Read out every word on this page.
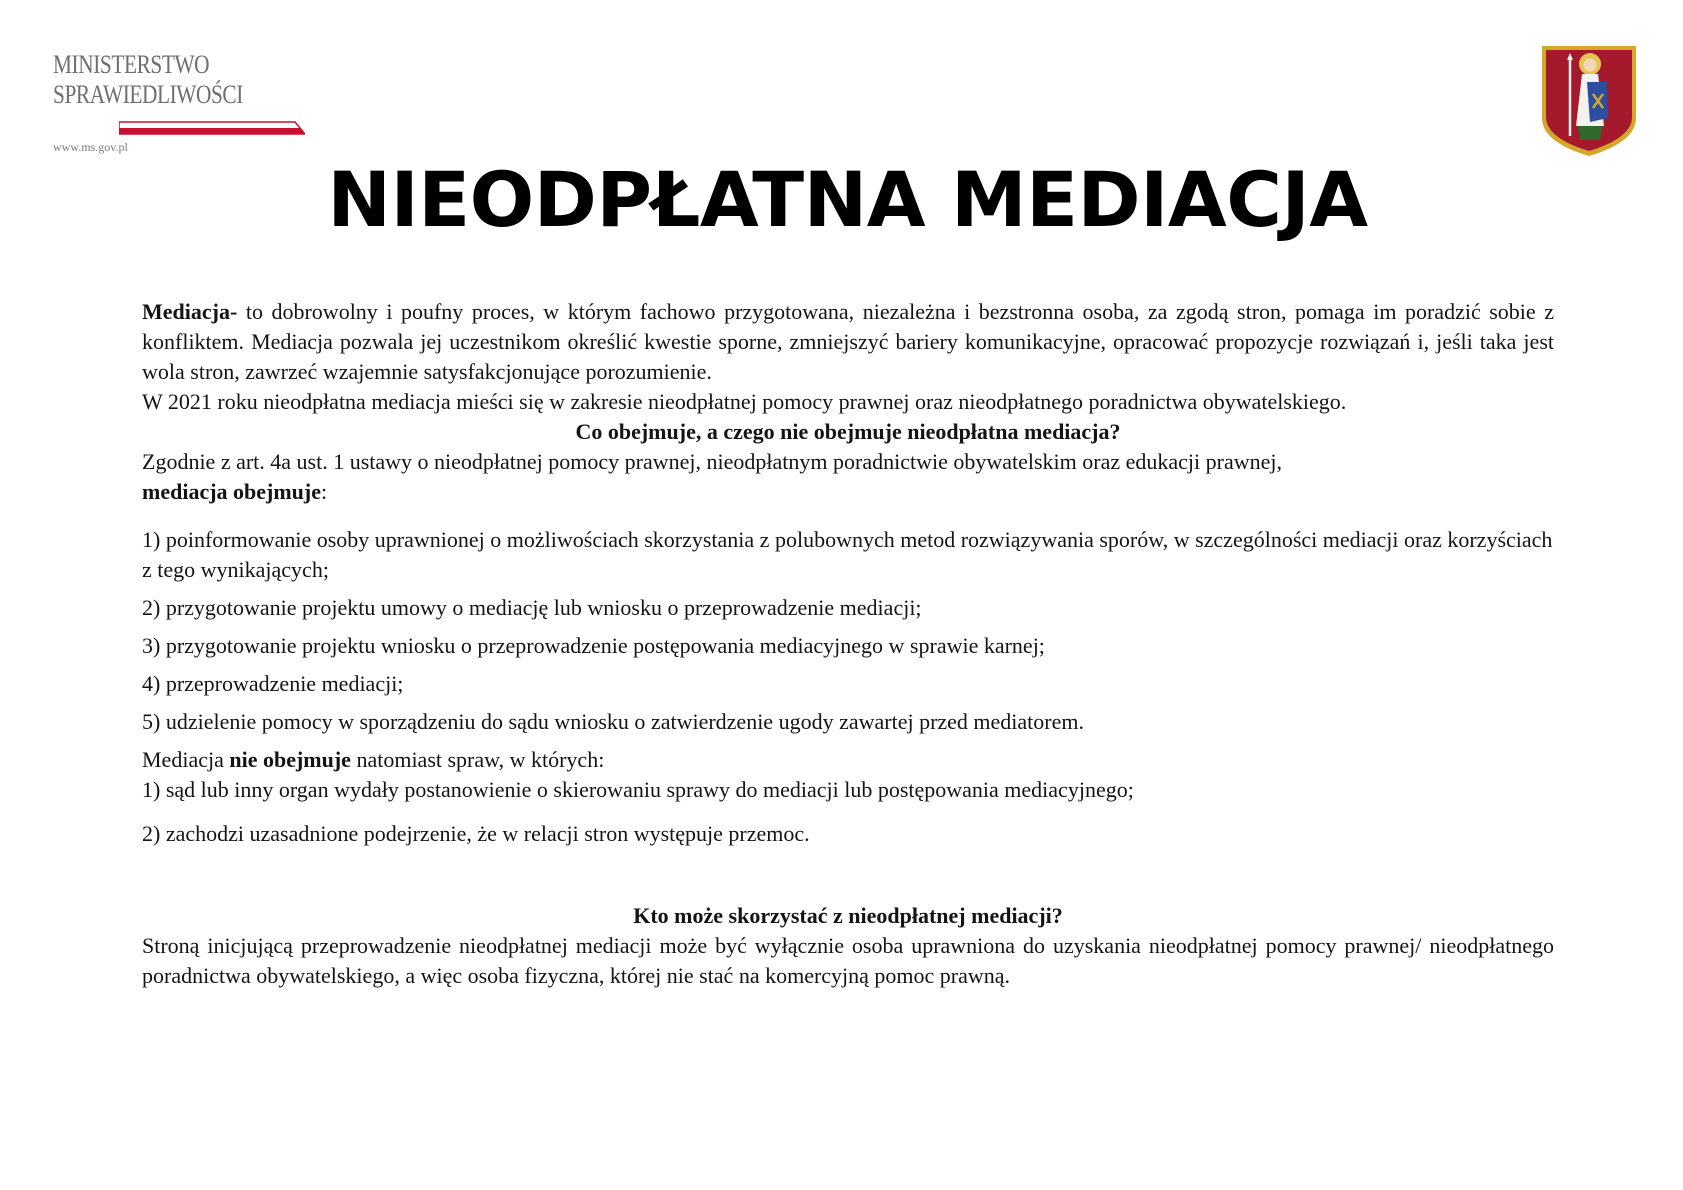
MINISTERSTWO
SPRAWIEDLIWOŚCI
www.ms.gov.pl
NIEODPŁATNA MEDIACJA

Mediacja- to dobrowolny i poufny proces, w którym fachowo przygotowana, niezależna i bezstronna osoba, za zgodą stron, pomaga im poradzić sobie z konfliktem. Mediacja pozwala jej uczestnikom określić kwestie sporne, zmniejszyć bariery komunikacyjne, opracować propozycje rozwiązań i, jeśli taka jest wola stron, zawrzeć wzajemnie satysfakcjonujące porozumienie.

W 2021 roku nieodpłatna mediacja mieści się w zakresie nieodpłatnej pomocy prawnej oraz nieodpłatnego poradnictwa obywatelskiego.

Co obejmuje, a czego nie obejmuje nieodpłatna mediacja?

Zgodnie z art. 4a ust. 1 ustawy o nieodpłatnej pomocy prawnej, nieodpłatnym poradnictwie obywatelskim oraz edukacji prawnej,
mediacja obejmuje:

1) poinformowanie osoby uprawnionej o możliwościach skorzystania z polubownych metod rozwiązywania sporów, w szczególności mediacji oraz korzyściach z tego wynikających;

2) przygotowanie projektu umowy o mediację lub wniosku o przeprowadzenie mediacji;

3) przygotowanie projektu wniosku o przeprowadzenie postępowania mediacyjnego w sprawie karnej;

4) przeprowadzenie mediacji;

5) udzielenie pomocy w sporządzeniu do sądu wniosku o zatwierdzenie ugody zawartej przed mediatorem.

Mediacja nie obejmuje natomiast spraw, w których:

1) sąd lub inny organ wydały postanowienie o skierowaniu sprawy do mediacji lub postępowania mediacyjnego;

2) zachodzi uzasadnione podejrzenie, że w relacji stron występuje przemoc.

Kto może skorzystać z nieodpłatnej mediacji?

Stroną inicjującą przeprowadzenie nieodpłatnej mediacji może być wyłącznie osoba uprawniona do uzyskania nieodpłatnej pomocy prawnej/ nieodpłatnego poradnictwa obywatelskiego, a więc osoba fizyczna, której nie stać na komercyjną pomoc prawną.
